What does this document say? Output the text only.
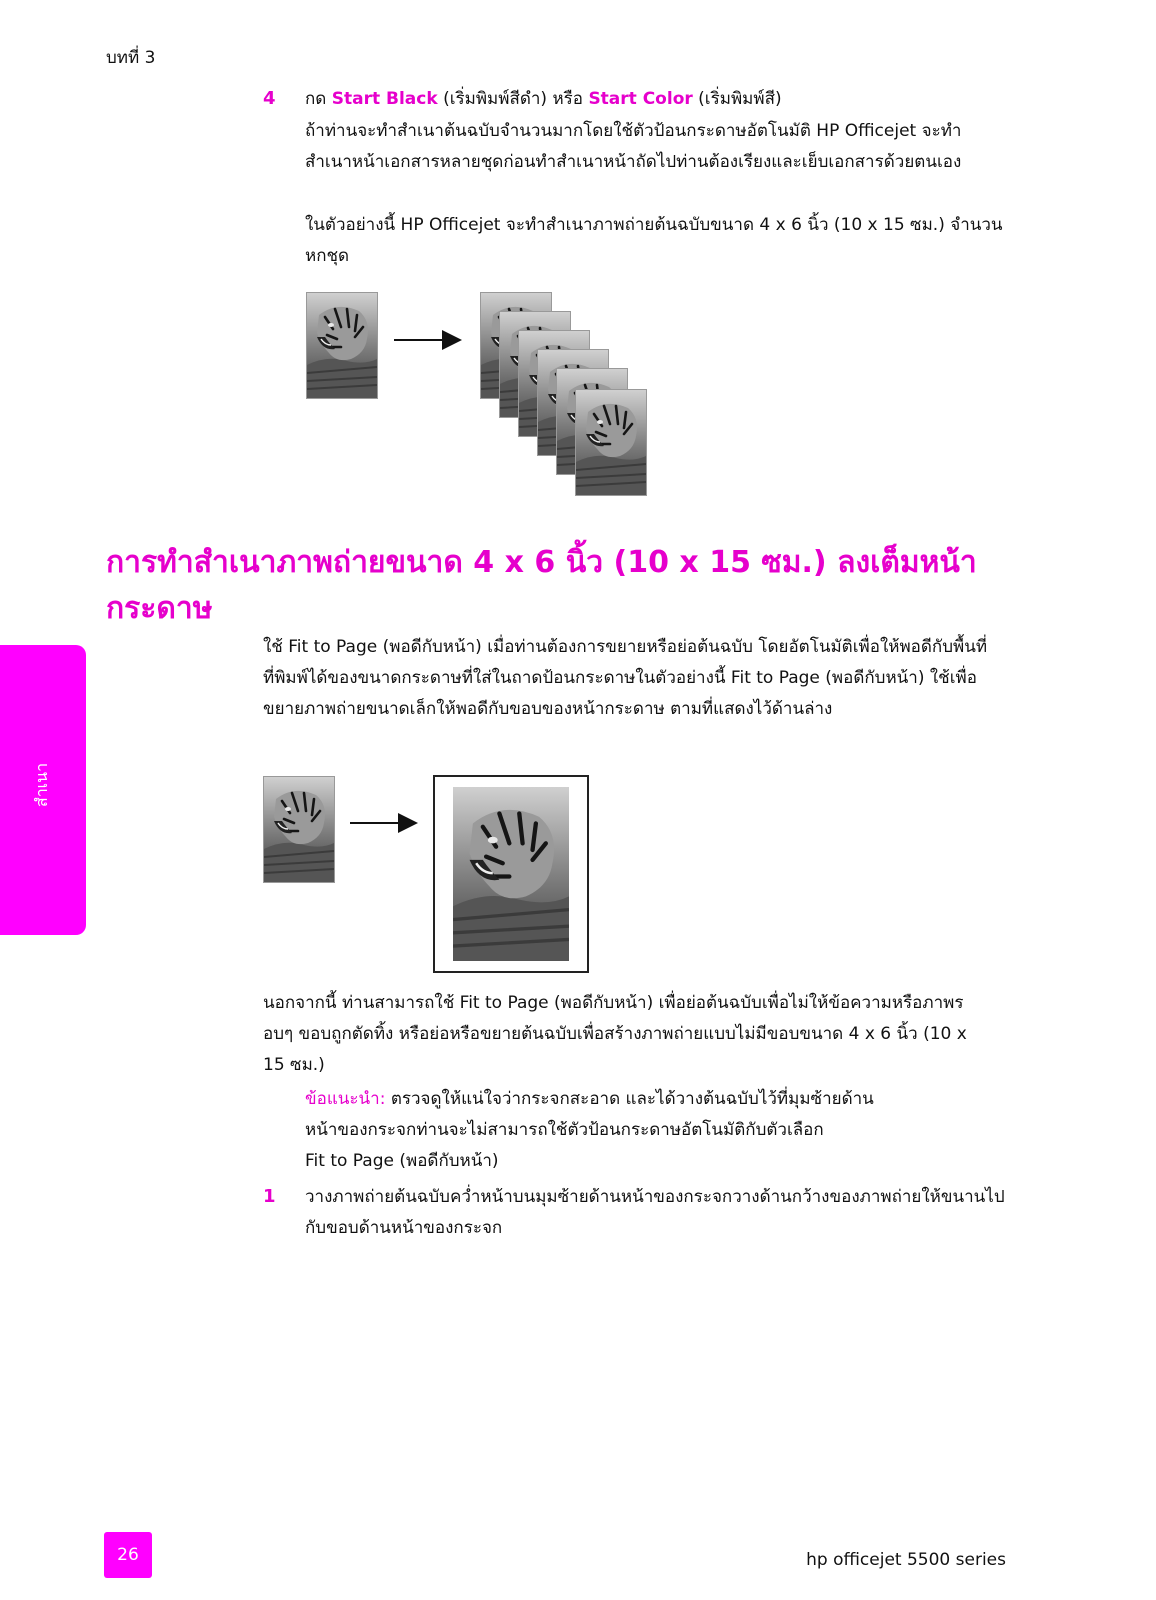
บทที่ 3
4 กด Start Black (เริ่มพิมพ์สีดำ) หรือ Start Color (เริ่มพิมพ์สี)
ถ้าท่านจะทำสำเนาต้นฉบับจำนวนมากโดยใช้ตัวป้อนกระดาษอัตโนมัติ HP Officejet จะทำสำเนาหน้าเอกสารหลายชุดก่อนทำสำเนาหน้าถัดไปท่านต้องเรียงและเย็บเอกสารด้วยตนเอง
ในตัวอย่างนี้ HP Officejet จะทำสำเนาภาพถ่ายต้นฉบับขนาด 4 x 6 นิ้ว (10 x 15 ซม.) จำนวนหกชุด
การทำสำเนาภาพถ่ายขนาด 4 x 6 นิ้ว (10 x 15 ซม.) ลงเต็มหน้ากระดาษ
สำเนา
ใช้ Fit to Page (พอดีกับหน้า) เมื่อท่านต้องการขยายหรือย่อต้นฉบับ โดยอัตโนมัติเพื่อให้พอดีกับพื้นที่ที่พิมพ์ได้ของขนาดกระดาษที่ใส่ในถาดป้อนกระดาษในตัวอย่างนี้ Fit to Page (พอดีกับหน้า) ใช้เพื่อขยายภาพถ่ายขนาดเล็กให้พอดีกับขอบของหน้ากระดาษ ตามที่แสดงไว้ด้านล่าง
นอกจากนี้ ท่านสามารถใช้ Fit to Page (พอดีกับหน้า) เพื่อย่อต้นฉบับเพื่อไม่ให้ข้อความหรือภาพรอบๆ ขอบถูกตัดทิ้ง หรือย่อหรือขยายต้นฉบับเพื่อสร้างภาพถ่ายแบบไม่มีขอบขนาด 4 x 6 นิ้ว (10 x 15 ซม.)
ข้อแนะนำ: ตรวจดูให้แน่ใจว่ากระจกสะอาด และได้วางต้นฉบับไว้ที่มุมซ้ายด้านหน้าของกระจกท่านจะไม่สามารถใช้ตัวป้อนกระดาษอัตโนมัติกับตัวเลือก
Fit to Page (พอดีกับหน้า)
1 วางภาพถ่ายต้นฉบับคว่ำหน้าบนมุมซ้ายด้านหน้าของกระจกวางด้านกว้างของภาพถ่ายให้ขนานไปกับขอบด้านหน้าของกระจก
26	hp officejet 5500 series
